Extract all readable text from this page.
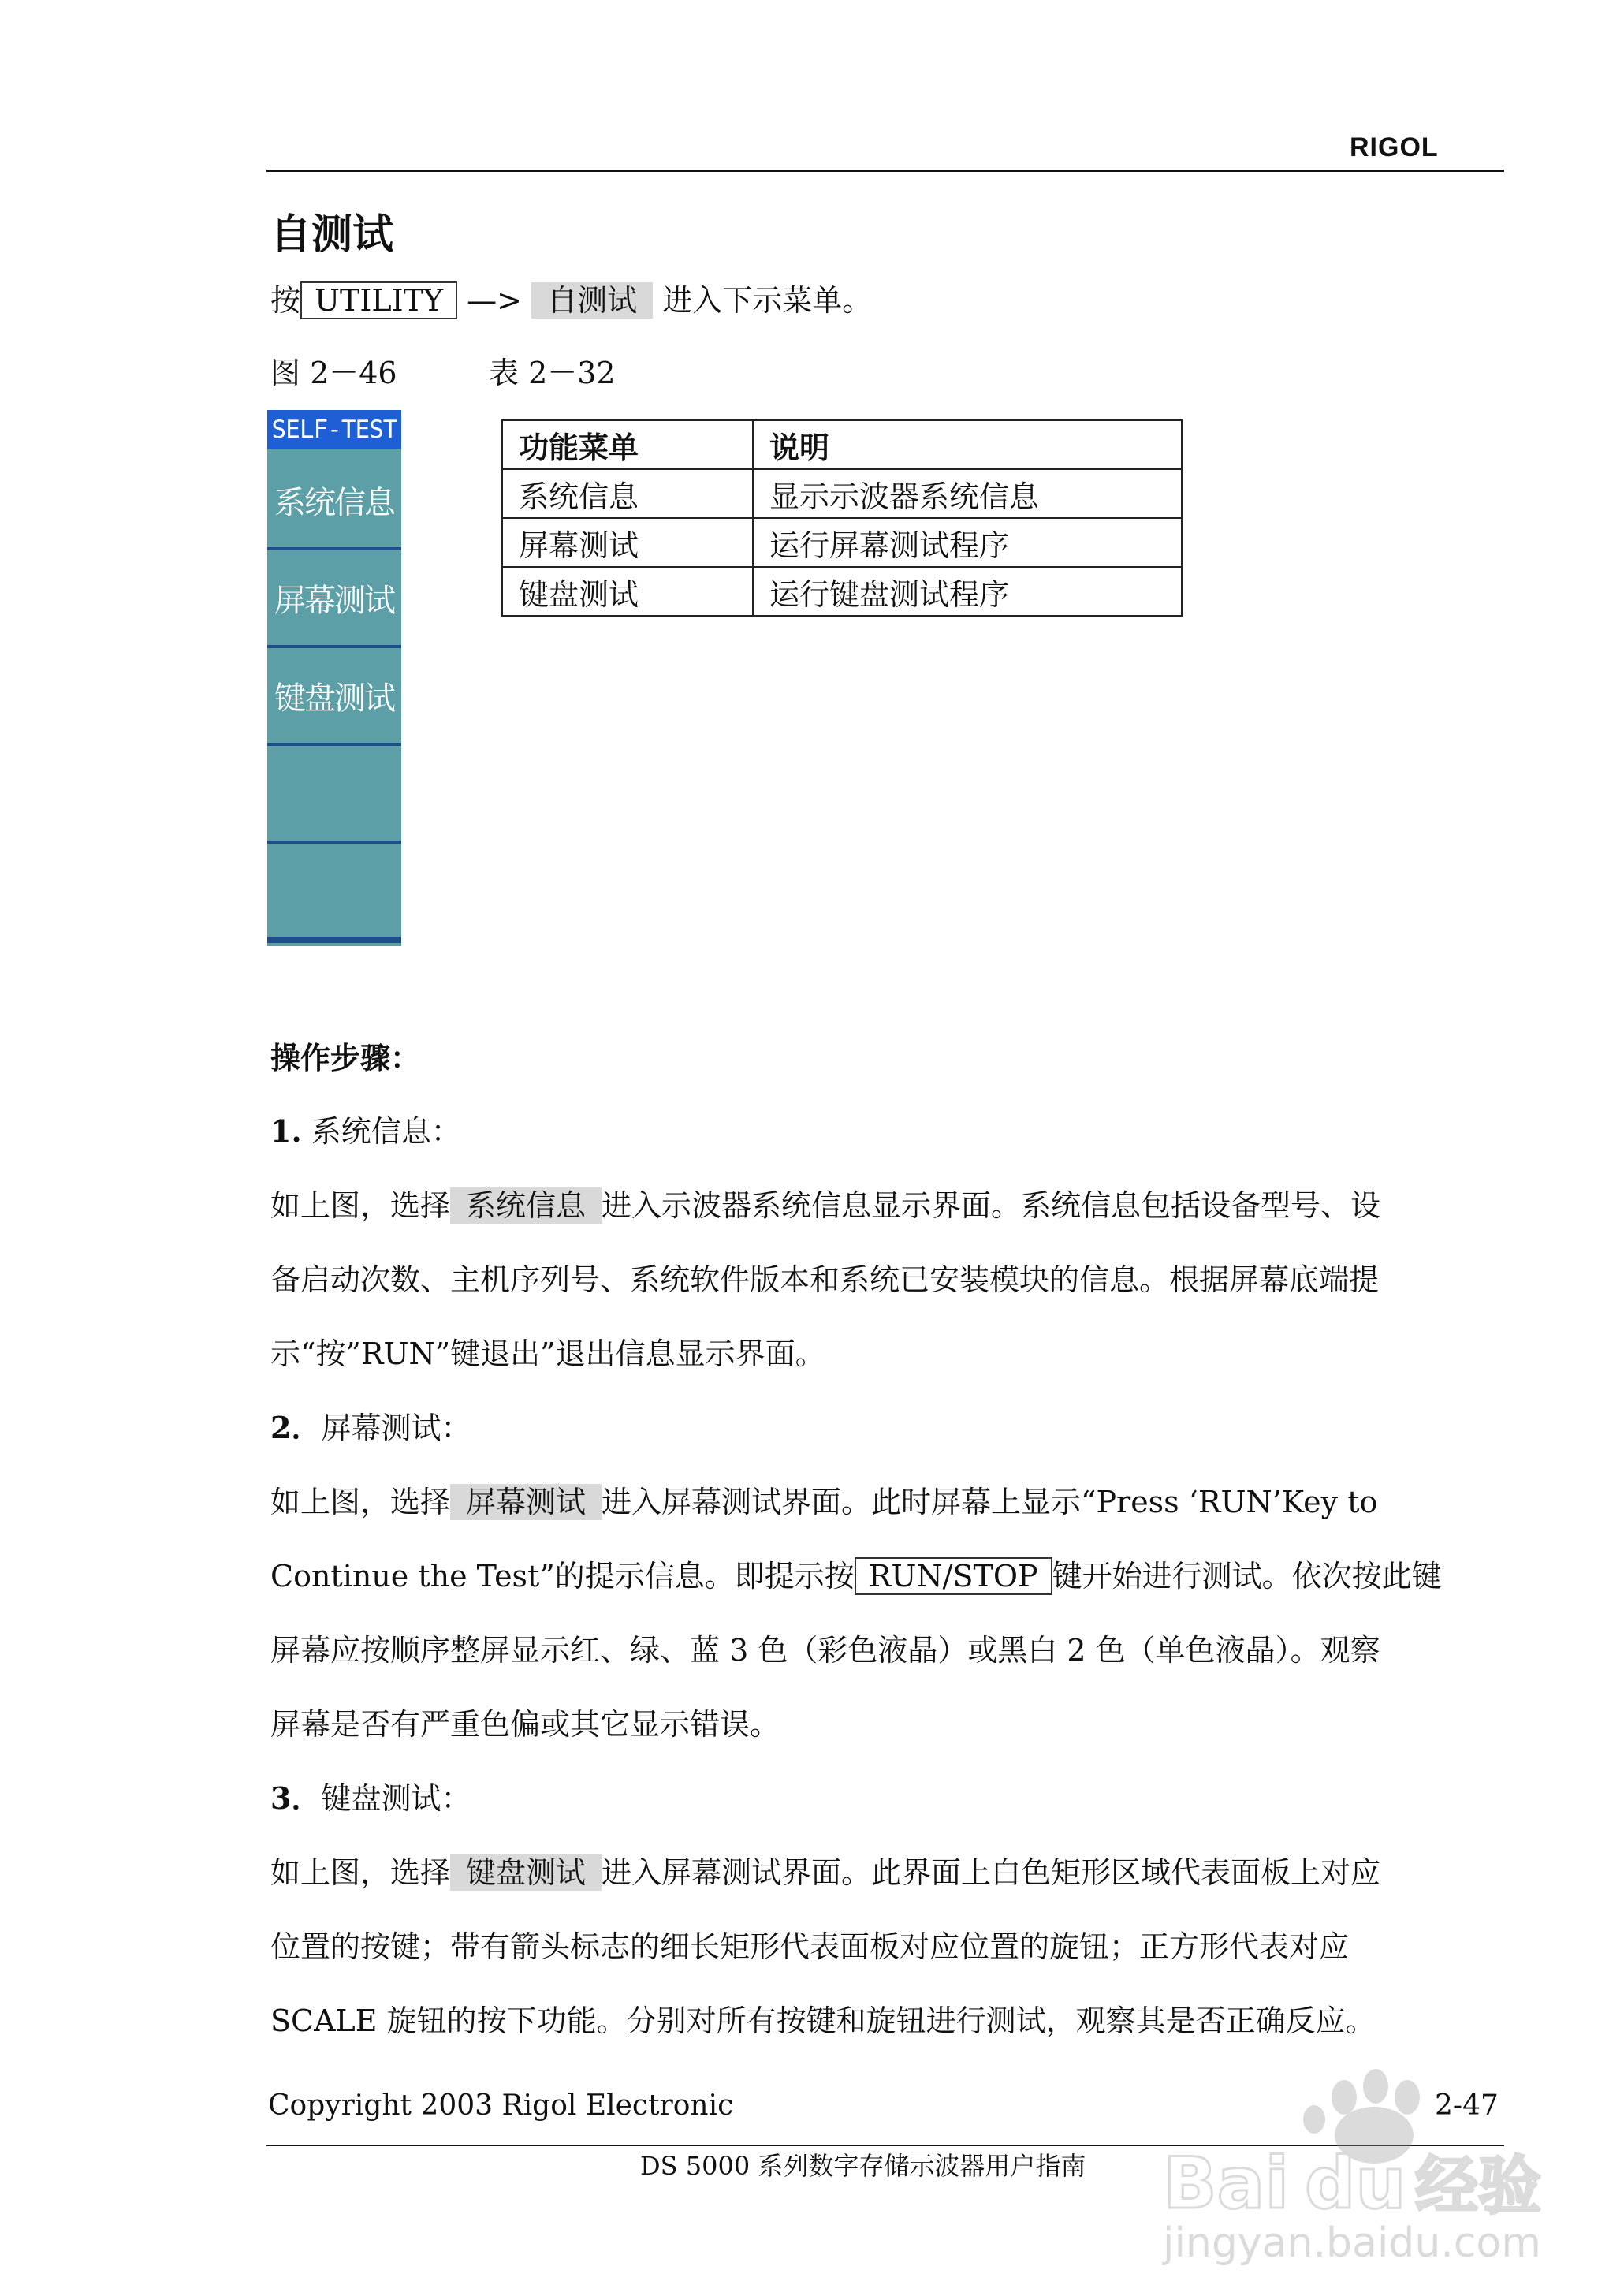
RIGOL
自测试
按 UTILITY —> 自测试 进入下示菜单。
图 2－46	表 2－32
SELF-TEST
系统信息
屏幕测试
键盘测试
功能菜单	说明
系统信息	显示示波器系统信息
屏幕测试	运行屏幕测试程序
键盘测试	运行键盘测试程序
操作步骤：
1. 系统信息：
如上图，选择 系统信息 进入示波器系统信息显示界面。系统信息包括设备型号、设
备启动次数、主机序列号、系统软件版本和系统已安装模块的信息。根据屏幕底端提
示“按”RUN”键退出”退出信息显示界面。
2．屏幕测试：
如上图，选择 屏幕测试 进入屏幕测试界面。此时屏幕上显示“Press ‘RUN’Key to
Continue the Test”的提示信息。即提示按 RUN/STOP 键开始进行测试。依次按此键
屏幕应按顺序整屏显示红、绿、蓝 3 色（彩色液晶）或黑白 2 色（单色液晶）。观察
屏幕是否有严重色偏或其它显示错误。
3．键盘测试：
如上图，选择 键盘测试 进入屏幕测试界面。此界面上白色矩形区域代表面板上对应
位置的按键；带有箭头标志的细长矩形代表面板对应位置的旋钮；正方形代表对应
SCALE 旋钮的按下功能。分别对所有按键和旋钮进行测试，观察其是否正确反应。
Copyright 2003 Rigol Electronic	2-47
DS 5000 系列数字存储示波器用户指南 Bai du 经验
jingyan.baidu.com
